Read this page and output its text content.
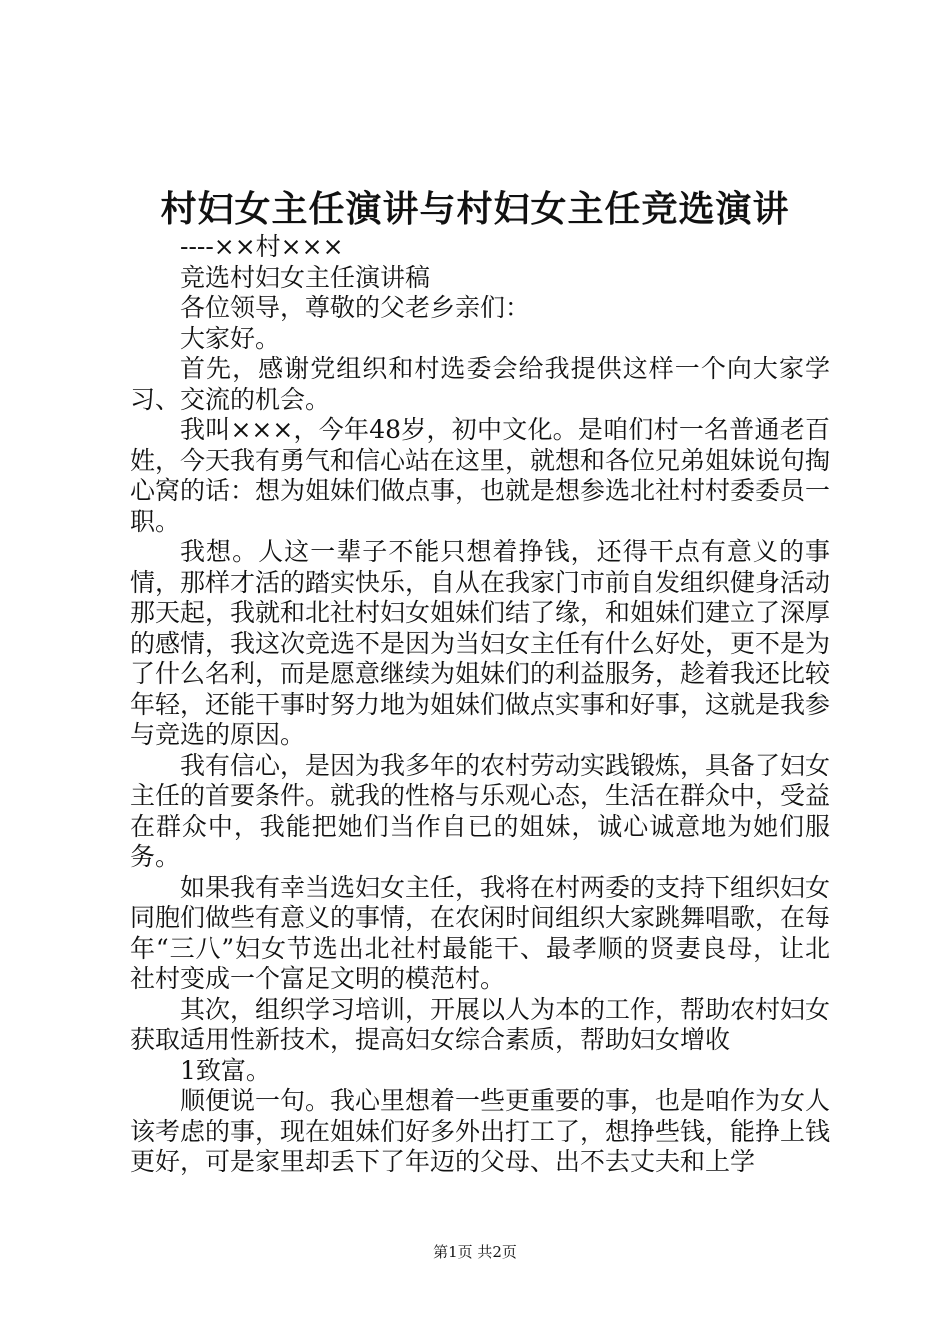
村妇女主任演讲与村妇女主任竞选演讲

----××村×××

竞选村妇女主任演讲稿

各位领导，尊敬的父老乡亲们：

大家好。

首先，感谢党组织和村选委会给我提供这样一个向大家学习、交流的机会。

我叫×××，今年48岁，初中文化。是咱们村一名普通老百姓，今天我有勇气和信心站在这里，就想和各位兄弟姐妹说句掏心窝的话：想为姐妹们做点事，也就是想参选北社村村委委员一职。

我想。人这一辈子不能只想着挣钱，还得干点有意义的事情，那样才活的踏实快乐，自从在我家门市前自发组织健身活动那天起，我就和北社村妇女姐妹们结了缘，和姐妹们建立了深厚的感情，我这次竞选不是因为当妇女主任有什么好处，更不是为了什么名利，而是愿意继续为姐妹们的利益服务，趁着我还比较年轻，还能干事时努力地为姐妹们做点实事和好事，这就是我参与竞选的原因。

我有信心，是因为我多年的农村劳动实践锻炼，具备了妇女主任的首要条件。就我的性格与乐观心态，生活在群众中，受益在群众中，我能把她们当作自已的姐妹，诚心诚意地为她们服务。

如果我有幸当选妇女主任，我将在村两委的支持下组织妇女同胞们做些有意义的事情，在农闲时间组织大家跳舞唱歌，在每年“三八”妇女节选出北社村最能干、最孝顺的贤妻良母，让北社村变成一个富足文明的模范村。

其次，组织学习培训，开展以人为本的工作，帮助农村妇女获取适用性新技术，提高妇女综合素质，帮助妇女增收

1致富。

顺便说一句。我心里想着一些更重要的事，也是咱作为女人该考虑的事，现在姐妹们好多外出打工了，想挣些钱，能挣上钱更好，可是家里却丢下了年迈的父母、出不去丈夫和上学

第1页 共2页
